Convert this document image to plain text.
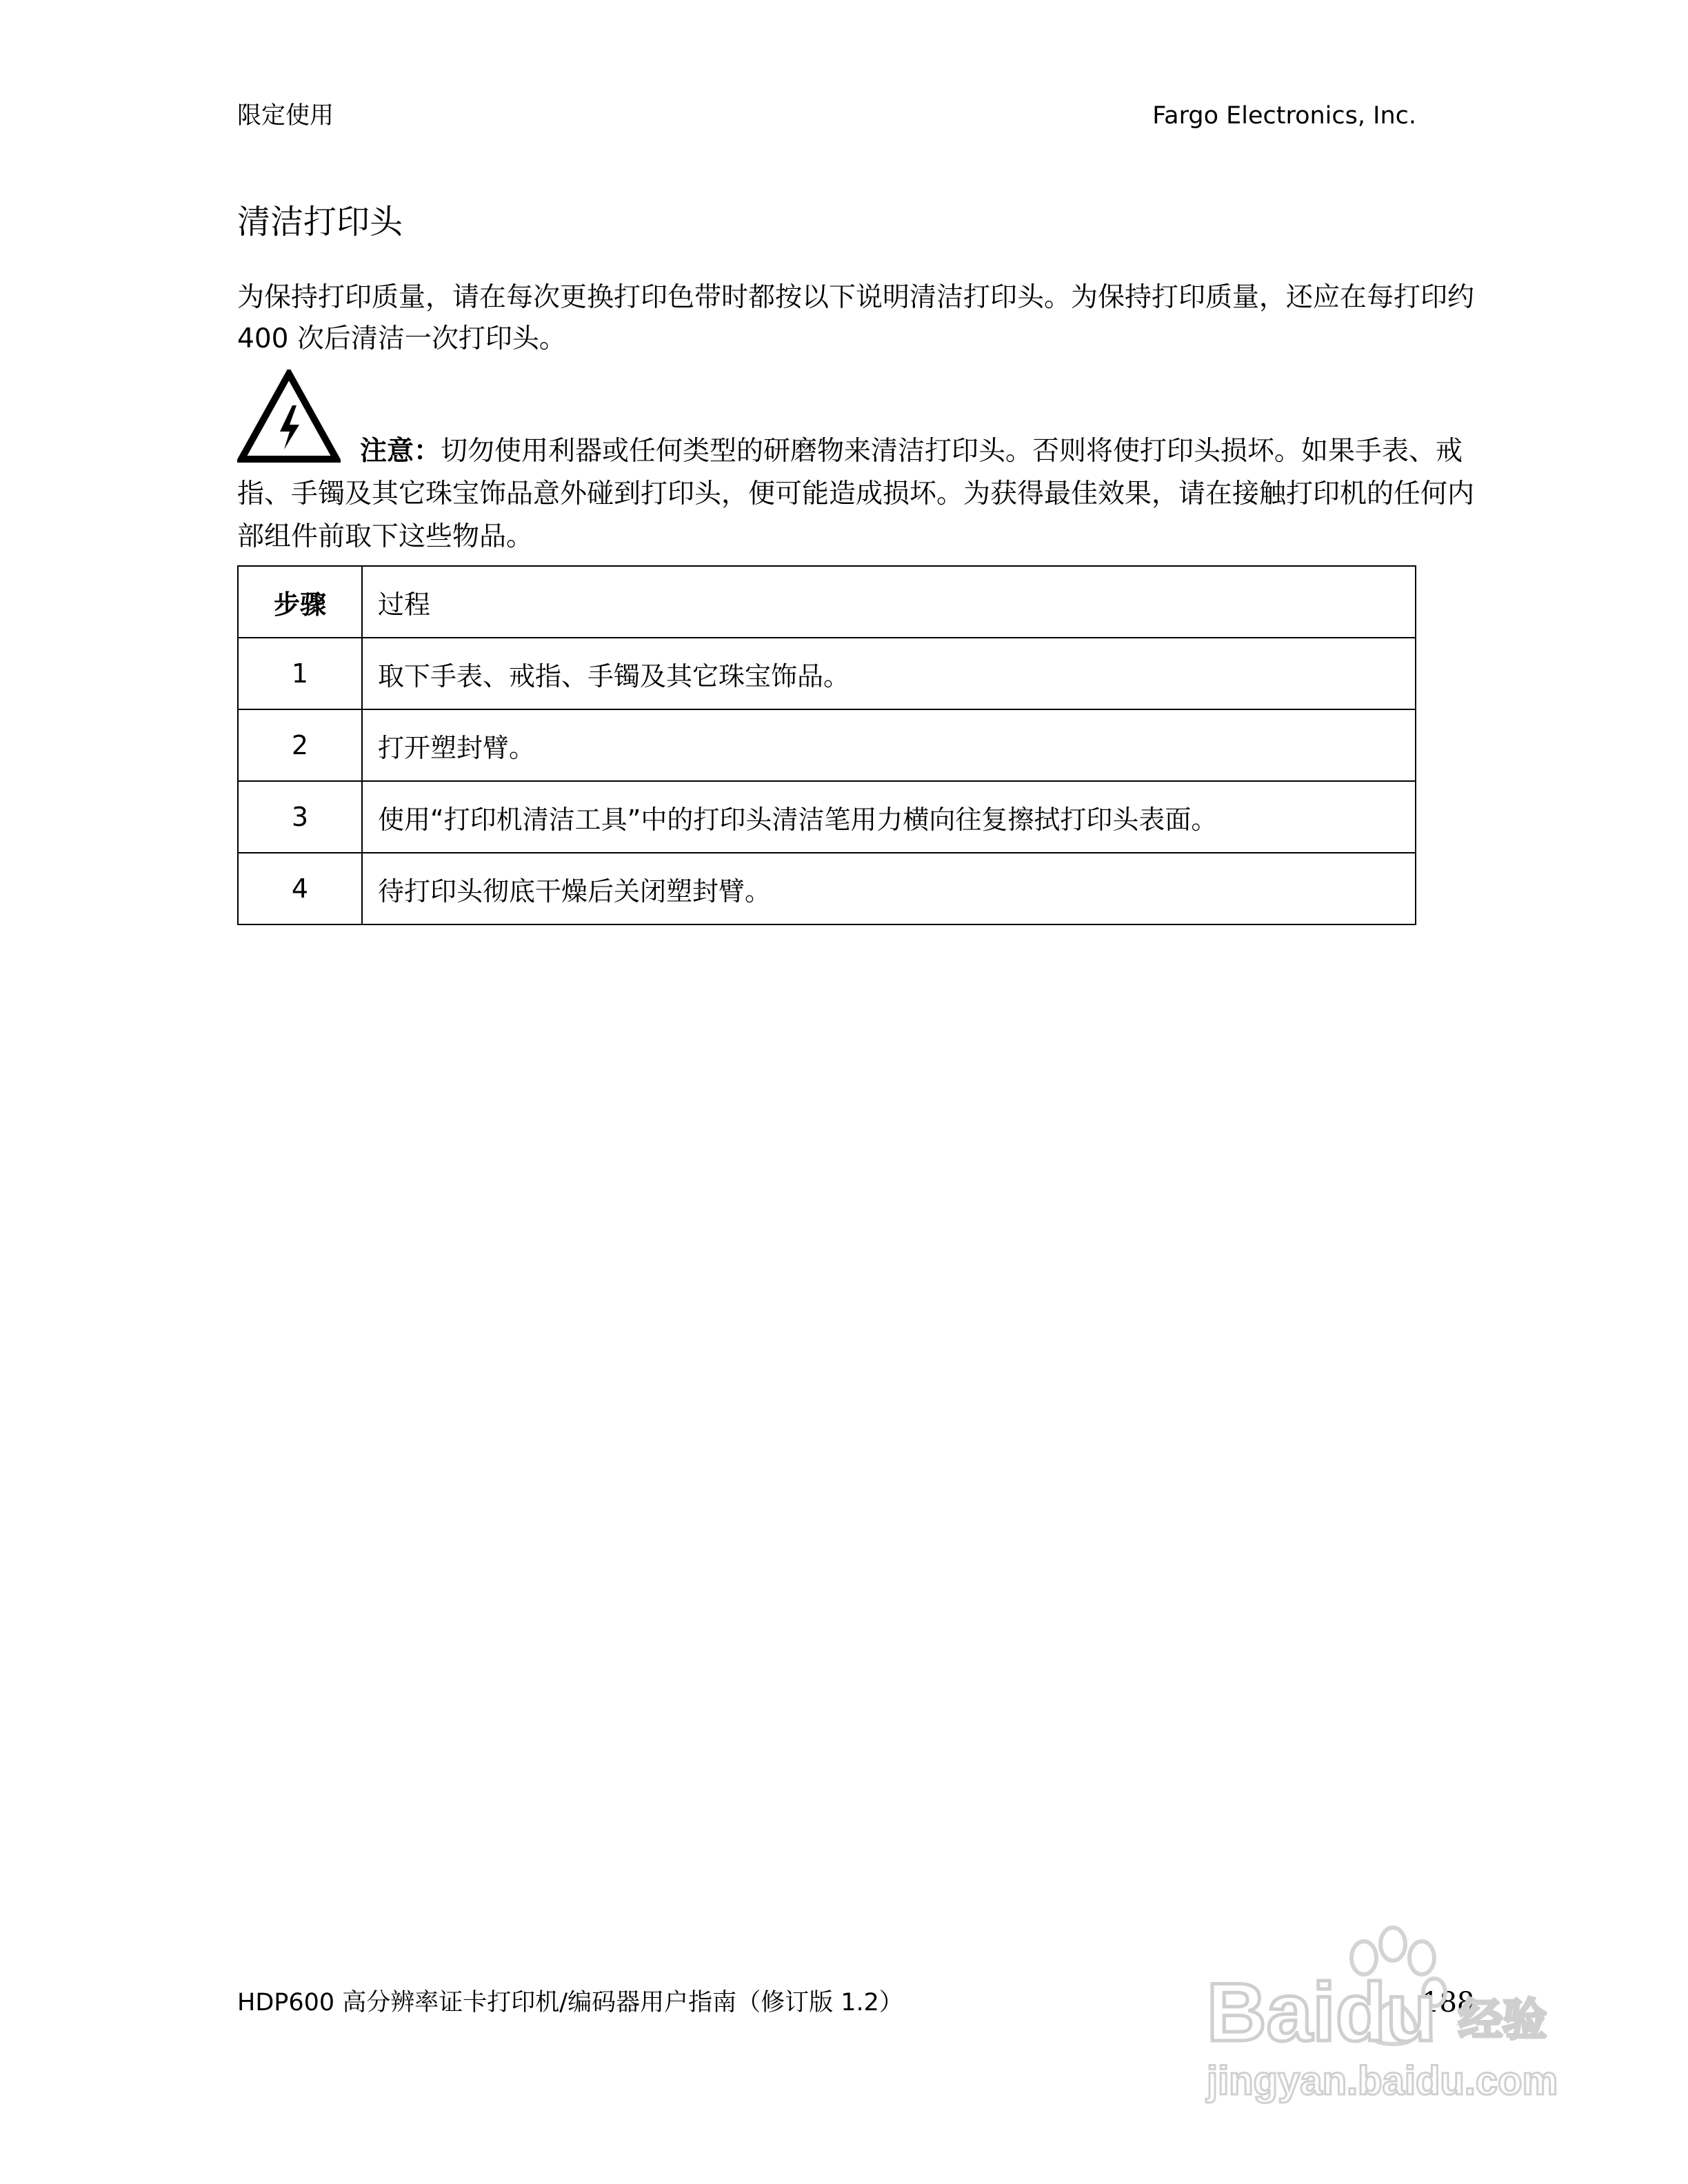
限定使用	Fargo Electronics, Inc.
清洁打印头
为保持打印质量，请在每次更换打印色带时都按以下说明清洁打印头。为保持打印质量，还应在每打印约 400 次后清洁一次打印头。
注意：切勿使用利器或任何类型的研磨物来清洁打印头。否则将使打印头损坏。如果手表、戒指、手镯及其它珠宝饰品意外碰到打印头，便可能造成损坏。为获得最佳效果，请在接触打印机的任何内部组件前取下这些物品。
步骤	过程
1	取下手表、戒指、手镯及其它珠宝饰品。
2	打开塑封臂。
3	使用“打印机清洁工具”中的打印头清洁笔用力横向往复擦拭打印头表面。
4	待打印头彻底干燥后关闭塑封臂。
HDP600 高分辨率证卡打印机/编码器用户指南（修订版 1.2）	188
Baidu 经验
jingyan.baidu.com
